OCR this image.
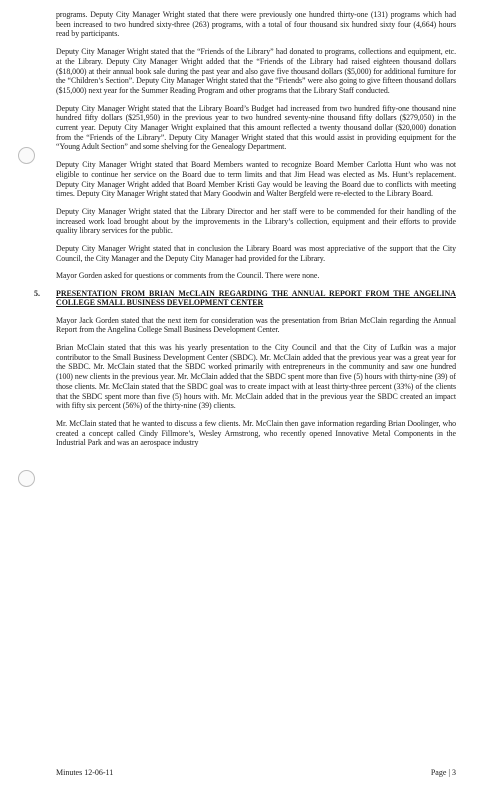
programs. Deputy City Manager Wright stated that there were previously one hundred thirty-one (131) programs which had been increased to two hundred sixty-three (263) programs, with a total of four thousand six hundred sixty four (4,664) hours read by participants.

Deputy City Manager Wright stated that the “Friends of the Library” had donated to programs, collections and equipment, etc. at the Library. Deputy City Manager Wright added that the “Friends of the Library had raised eighteen thousand dollars ($18,000) at their annual book sale during the past year and also gave five thousand dollars ($5,000) for additional furniture for the “Children’s Section”. Deputy City Manager Wright stated that the “Friends” were also going to give fifteen thousand dollars ($15,000) next year for the Summer Reading Program and other programs that the Library Staff conducted.

Deputy City Manager Wright stated that the Library Board’s Budget had increased from two hundred fifty-one thousand nine hundred fifty dollars ($251,950) in the previous year to two hundred seventy-nine thousand fifty dollars ($279,050) in the current year. Deputy City Manager Wright explained that this amount reflected a twenty thousand dollar ($20,000) donation from the “Friends of the Library”. Deputy City Manager Wright stated that this would assist in providing equipment for the “Young Adult Section” and some shelving for the Genealogy Department.

Deputy City Manager Wright stated that Board Members wanted to recognize Board Member Carlotta Hunt who was not eligible to continue her service on the Board due to term limits and that Jim Head was elected as Ms. Hunt’s replacement. Deputy City Manager Wright added that Board Member Kristi Gay would be leaving the Board due to conflicts with meeting times. Deputy City Manager Wright stated that Mary Goodwin and Walter Bergfeld were re-elected to the Library Board.

Deputy City Manager Wright stated that the Library Director and her staff were to be commended for their handling of the increased work load brought about by the improvements in the Library’s collection, equipment and their efforts to provide quality library services for the public.

Deputy City Manager Wright stated that in conclusion the Library Board was most appreciative of the support that the City Council, the City Manager and the Deputy City Manager had provided for the Library.

Mayor Gorden asked for questions or comments from the Council. There were none.

5. PRESENTATION FROM BRIAN McCLAIN REGARDING THE ANNUAL REPORT FROM THE ANGELINA COLLEGE SMALL BUSINESS DEVELOPMENT CENTER

Mayor Jack Gorden stated that the next item for consideration was the presentation from Brian McClain regarding the Annual Report from the Angelina College Small Business Development Center.

Brian McClain stated that this was his yearly presentation to the City Council and that the City of Lufkin was a major contributor to the Small Business Development Center (SBDC). Mr. McClain added that the previous year was a great year for the SBDC. Mr. McClain stated that the SBDC worked primarily with entrepreneurs in the community and saw one hundred (100) new clients in the previous year. Mr. McClain added that the SBDC spent more than five (5) hours with thirty-nine (39) of those clients. Mr. McClain stated that the SBDC goal was to create impact with at least thirty-three percent (33%) of the clients that the SBDC spent more than five (5) hours with. Mr. McClain added that in the previous year the SBDC created an impact with fifty six percent (56%) of the thirty-nine (39) clients.

Mr. McClain stated that he wanted to discuss a few clients. Mr. McClain then gave information regarding Brian Doolinger, who created a concept called Cindy Fillmore’s, Wesley Armstrong, who recently opened Innovative Metal Components in the Industrial Park and was an aerospace industry

Minutes 12-06-11	Page | 3
